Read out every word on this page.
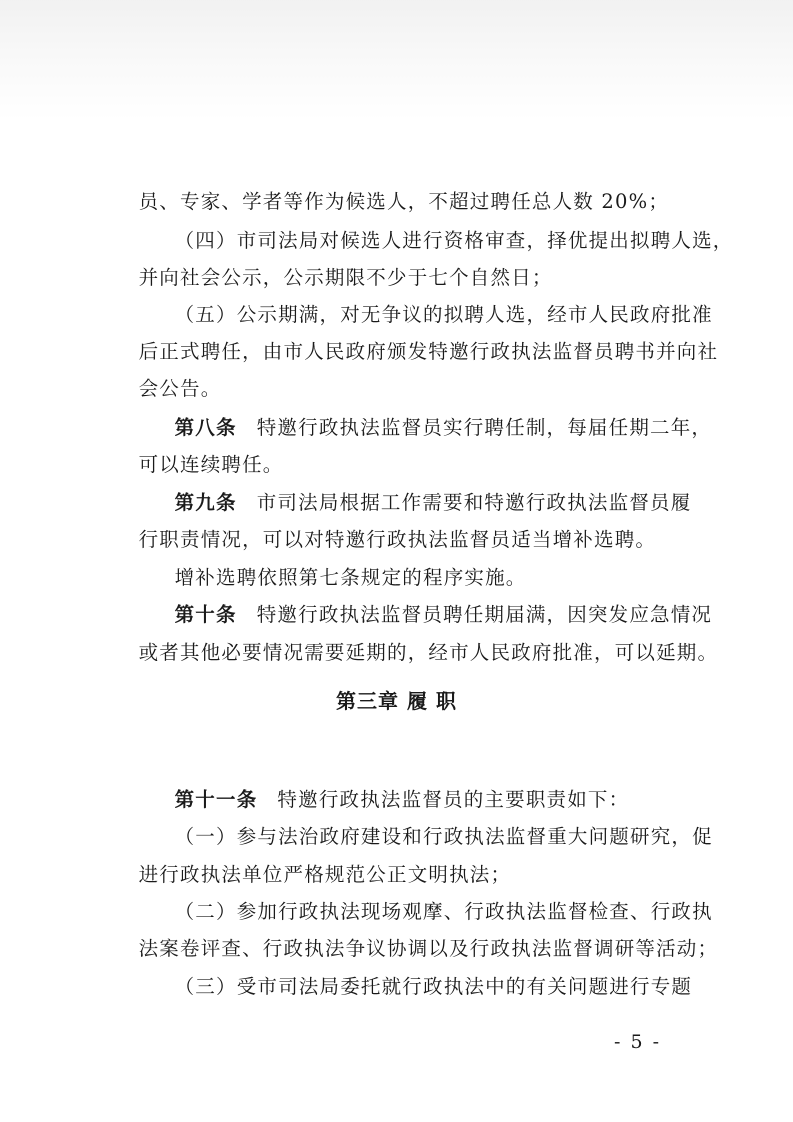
员、专家、学者等作为候选人，不超过聘任总人数 20%；

（四）市司法局对候选人进行资格审查，择优提出拟聘人选，

并向社会公示，公示期限不少于七个自然日；

（五）公示期满，对无争议的拟聘人选，经市人民政府批准

后正式聘任，由市人民政府颁发特邀行政执法监督员聘书并向社

会公告。

第八条 特邀行政执法监督员实行聘任制，每届任期二年，

可以连续聘任。

第九条 市司法局根据工作需要和特邀行政执法监督员履

行职责情况，可以对特邀行政执法监督员适当增补选聘。

增补选聘依照第七条规定的程序实施。

第十条 特邀行政执法监督员聘任期届满，因突发应急情况

或者其他必要情况需要延期的，经市人民政府批准，可以延期。

第三章 履 职

第十一条 特邀行政执法监督员的主要职责如下：

（一）参与法治政府建设和行政执法监督重大问题研究，促

进行政执法单位严格规范公正文明执法；

（二）参加行政执法现场观摩、行政执法监督检查、行政执

法案卷评查、行政执法争议协调以及行政执法监督调研等活动；

（三）受市司法局委托就行政执法中的有关问题进行专题

- 5 -
